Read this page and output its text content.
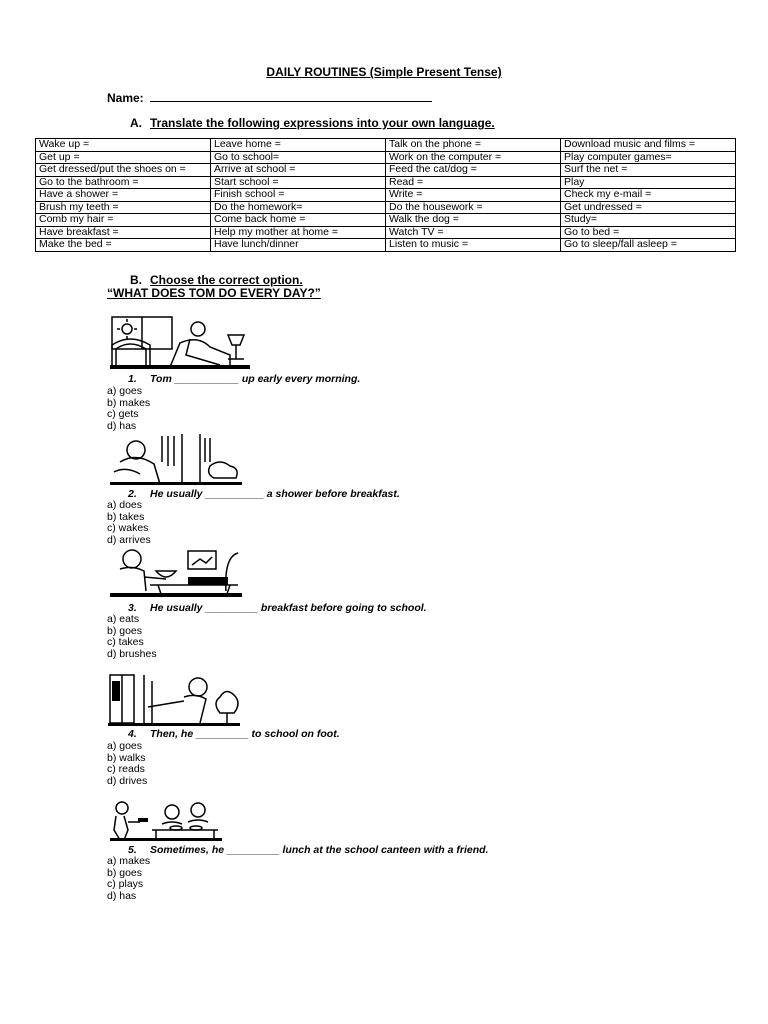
DAILY ROUTINES (Simple Present Tense)
Name:
A. Translate the following expressions into your own language.
Wake up =	Leave home =	Talk on the phone =	Download music and films =
Get up =	Go to school=	Work on the computer =	Play computer games=
Get dressed/put the shoes on =	Arrive at school =	Feed the cat/dog =	Surf the net =
Go to the bathroom =	Start school =	Read =	Play
Have a shower =	Finish school =	Write =	Check my e-mail =
Brush my teeth =	Do the homework=	Do the housework =	Get undressed =
Comb my hair =	Come back home =	Walk the dog =	Study=
Have breakfast =	Help my mother at home =	Watch TV =	Go to bed =
Make the bed =	Have lunch/dinner	Listen to music =	Go to sleep/fall asleep =
B. Choose the correct option.
“WHAT DOES TOM DO EVERY DAY?”
1. Tom ___________ up early every morning.
a) goes
b) makes
c) gets
d) has
2. He usually __________ a shower before breakfast.
a) does
b) takes
c) wakes
d) arrives
3. He usually _________ breakfast before going to school.
a) eats
b) goes
c) takes
d) brushes
4. Then, he _________ to school on foot.
a) goes
b) walks
c) reads
d) drives
5. Sometimes, he _________ lunch at the school canteen with a friend.
a) makes
b) goes
c) plays
d) has
